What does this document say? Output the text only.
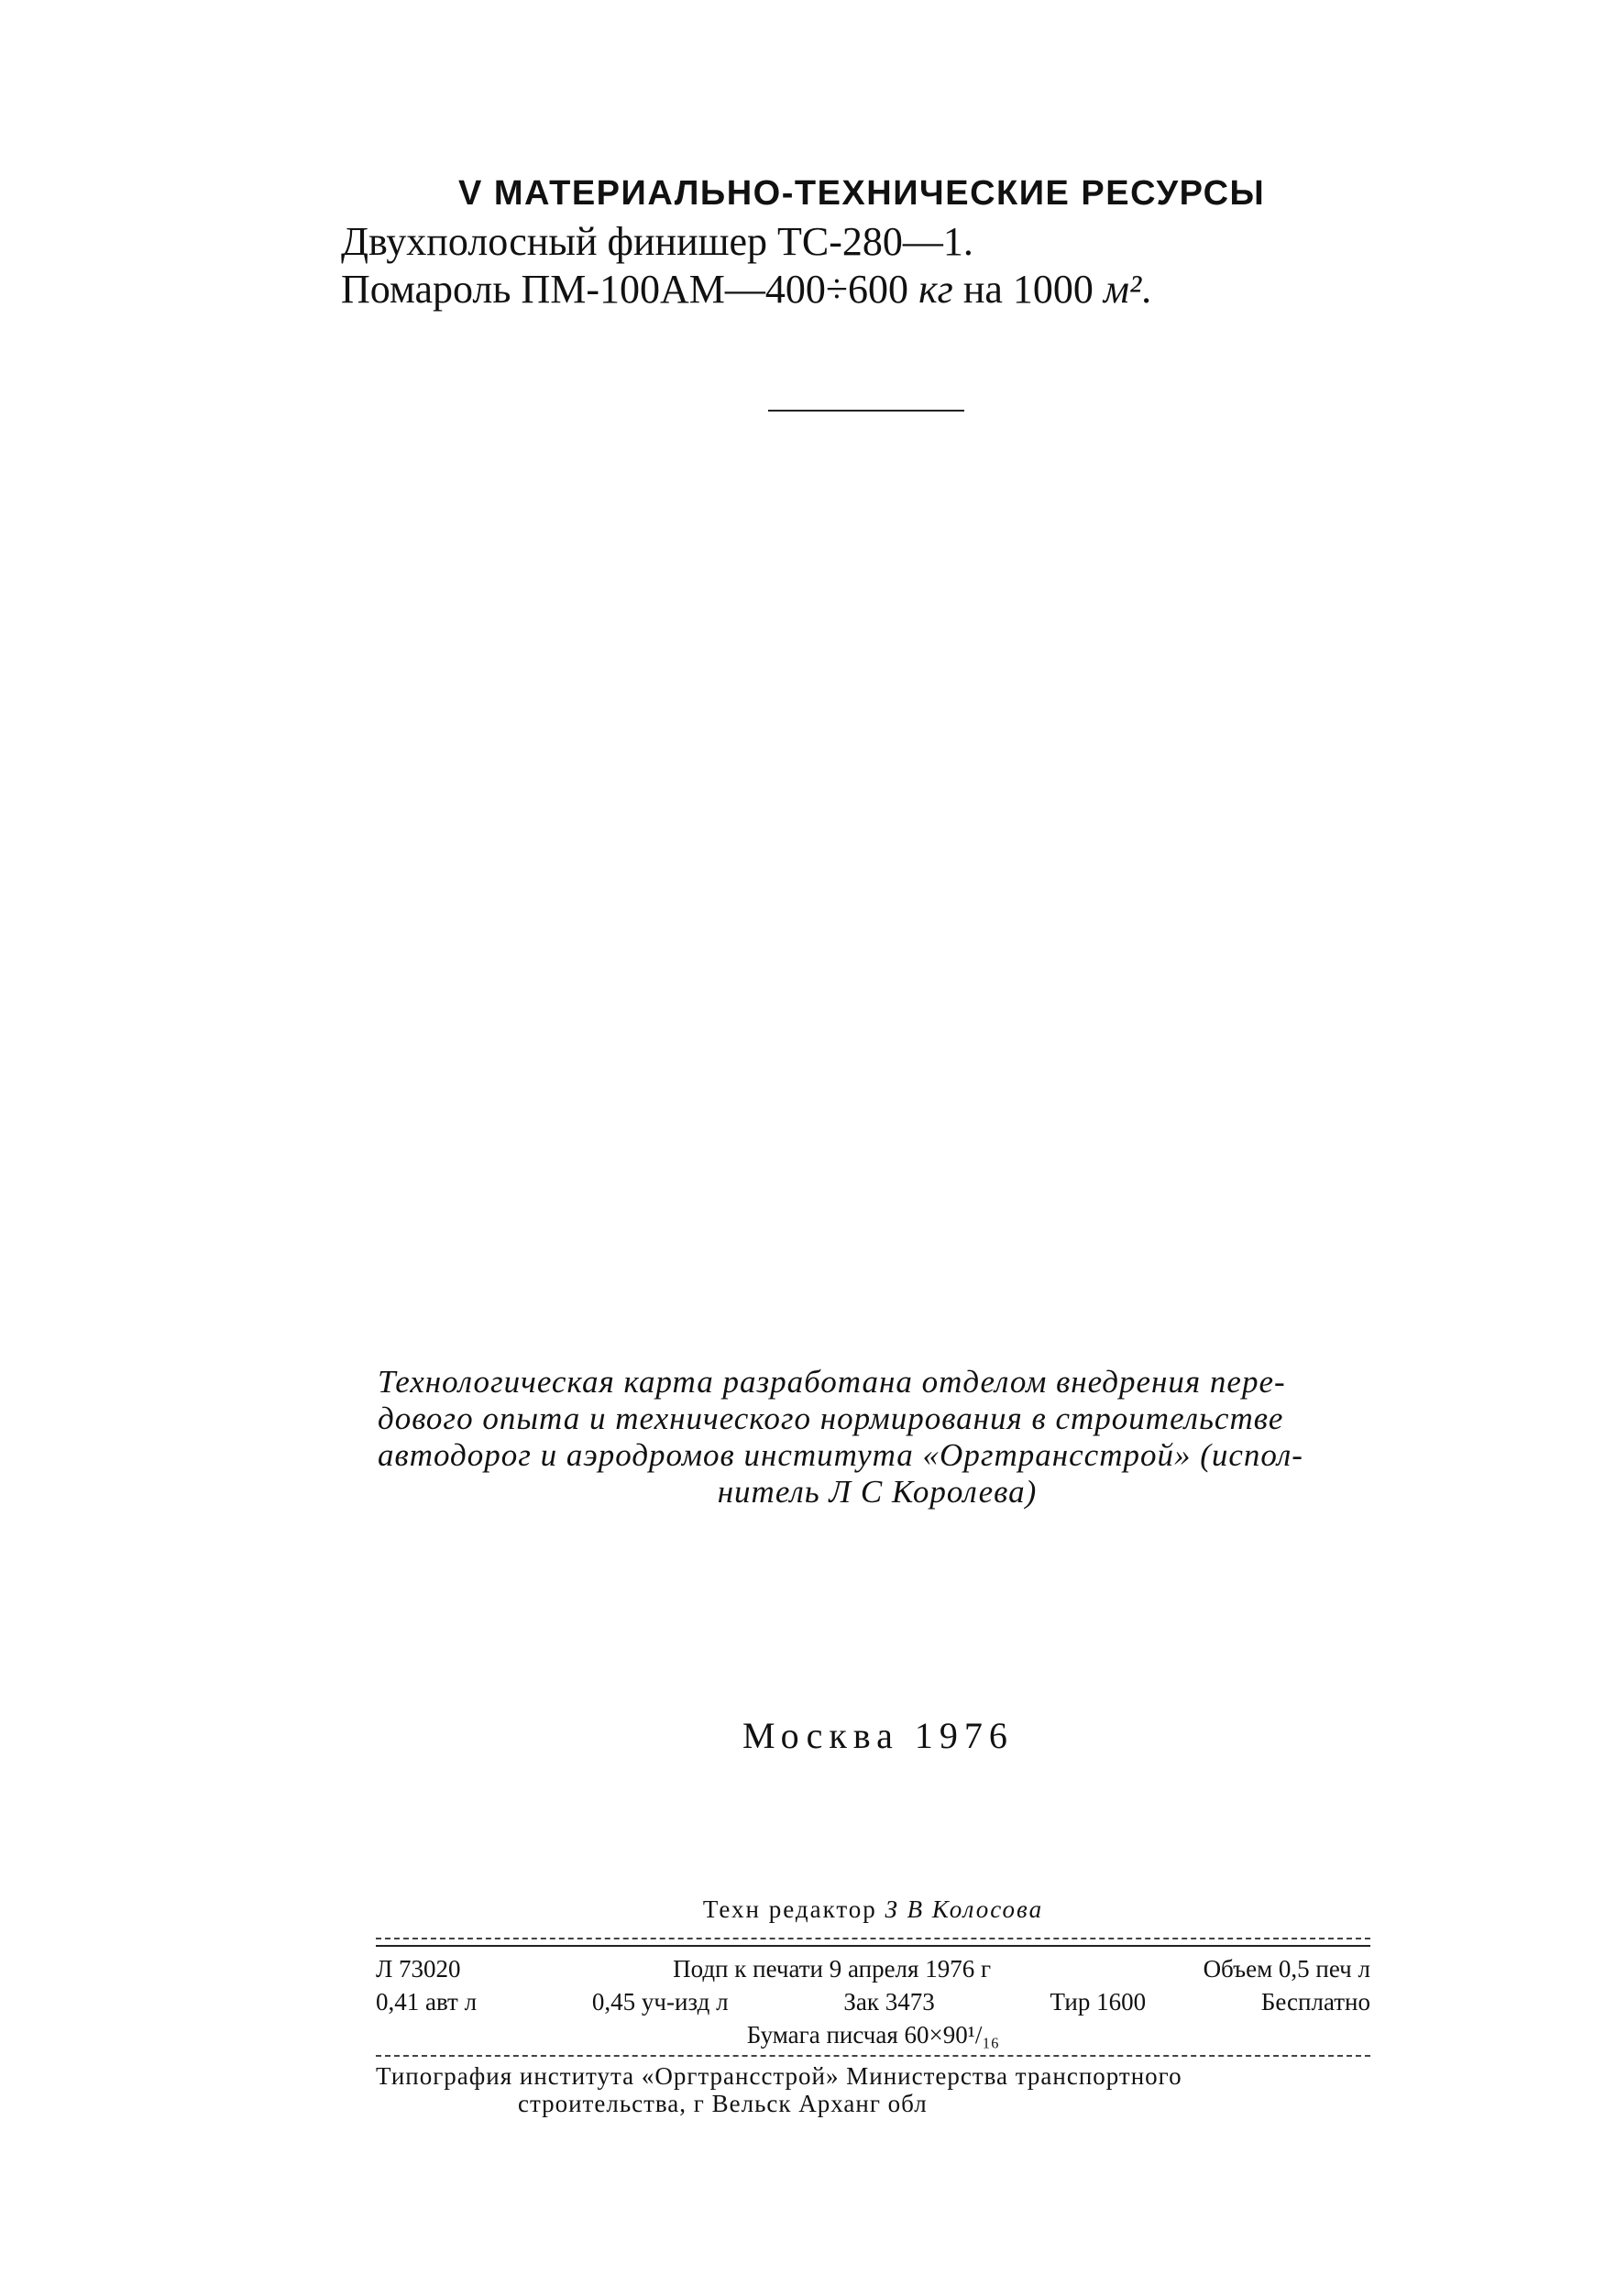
V МАТЕРИАЛЬНО-ТЕХНИЧЕСКИЕ РЕСУРСЫ
Двухполосный финишер ТС-280—1.
Помароль ПМ-100АМ—400÷600 кг на 1000 м².
Технологическая карта разработана отделом внедрения пере-
дового опыта и технического нормирования в строительстве
автодорог и аэродромов института «Оргтрансстрой» (испол-
нитель Л С Королева)
Москва 1976
Техн редактор З В Колосова
Л 73020	Подп к печати 9 апреля 1976 г	Объем 0,5 печ л
0,41 авт л	0,45 уч-изд л	Зак 3473	Тир 1600	Бесплатно
Бумага писчая 60×90¹/₁₆
Типография института «Оргтрансстрой» Министерства транспортного
строительства, г Вельск Арханг обл
